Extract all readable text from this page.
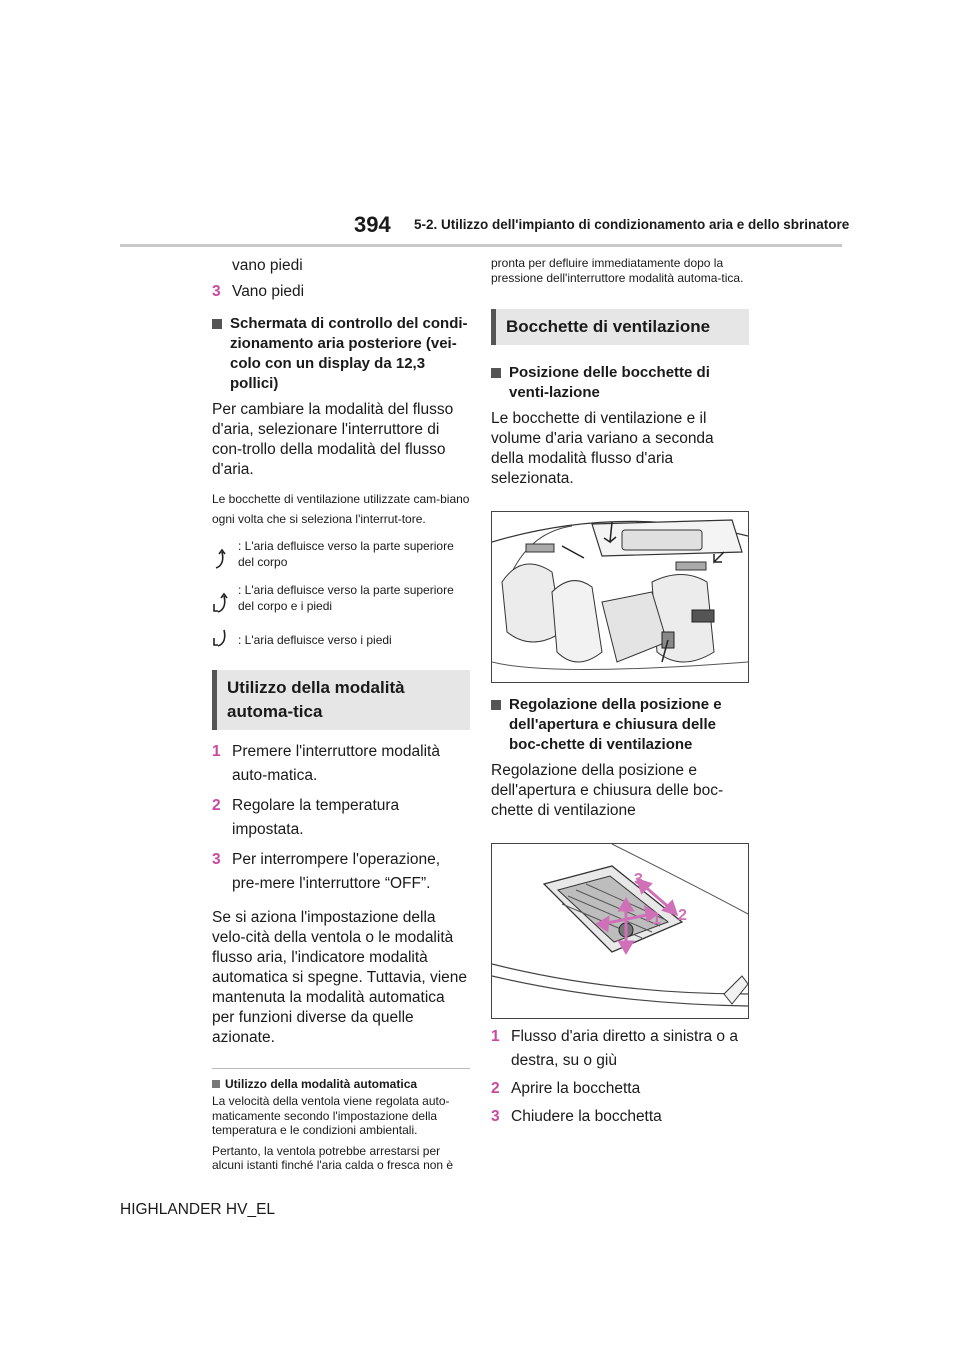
394 5-2. Utilizzo dell'impianto di condizionamento aria e dello sbrinatore

vano piedi

3 Vano piedi
Schermata di controllo del condi-zionamento aria posteriore (vei-colo con un display da 12,3 pollici)

Per cambiare la modalità del flusso d'aria, selezionare l'interruttore di con-trollo della modalità del flusso d'aria.

Le bocchette di ventilazione utilizzate cam-biano ogni volta che si seleziona l'interrut-tore.

: L'aria defluisce verso la parte superiore del corpo
: L'aria defluisce verso la parte superiore del corpo e i piedi
: L'aria defluisce verso i piedi
Utilizzo della modalità automa-tica
1 Premere l'interruttore modalità auto-matica.
2 Regolare la temperatura impostata.
3 Per interrompere l'operazione, pre-mere l'interruttore “OFF”.

Se si aziona l'impostazione della velo-cità della ventola o le modalità flusso aria, l'indicatore modalità automatica si spegne. Tuttavia, viene mantenuta la modalità automatica per funzioni diverse da quelle azionate.

Utilizzo della modalità automatica

La velocità della ventola viene regolata auto-maticamente secondo l'impostazione della temperatura e le condizioni ambientali.

Pertanto, la ventola potrebbe arrestarsi per alcuni istanti finché l'aria calda o fresca non è

pronta per defluire immediatamente dopo la pressione dell'interruttore modalità automa-tica.

Bocchette di ventilazione
Posizione delle bocchette di venti-lazione

Le bocchette di ventilazione e il volume d'aria variano a seconda della modalità flusso d'aria selezionata.

Regolazione della posizione e dell'apertura e chiusura delle boc-chette di ventilazione

Regolazione della posizione e dell'apertura e chiusura delle boc-chette di ventilazione

3
2
1
1 Flusso d'aria diretto a sinistra o a destra, su o giù
2 Aprire la bocchetta
3 Chiudere la bocchetta
HIGHLANDER HV_EL
